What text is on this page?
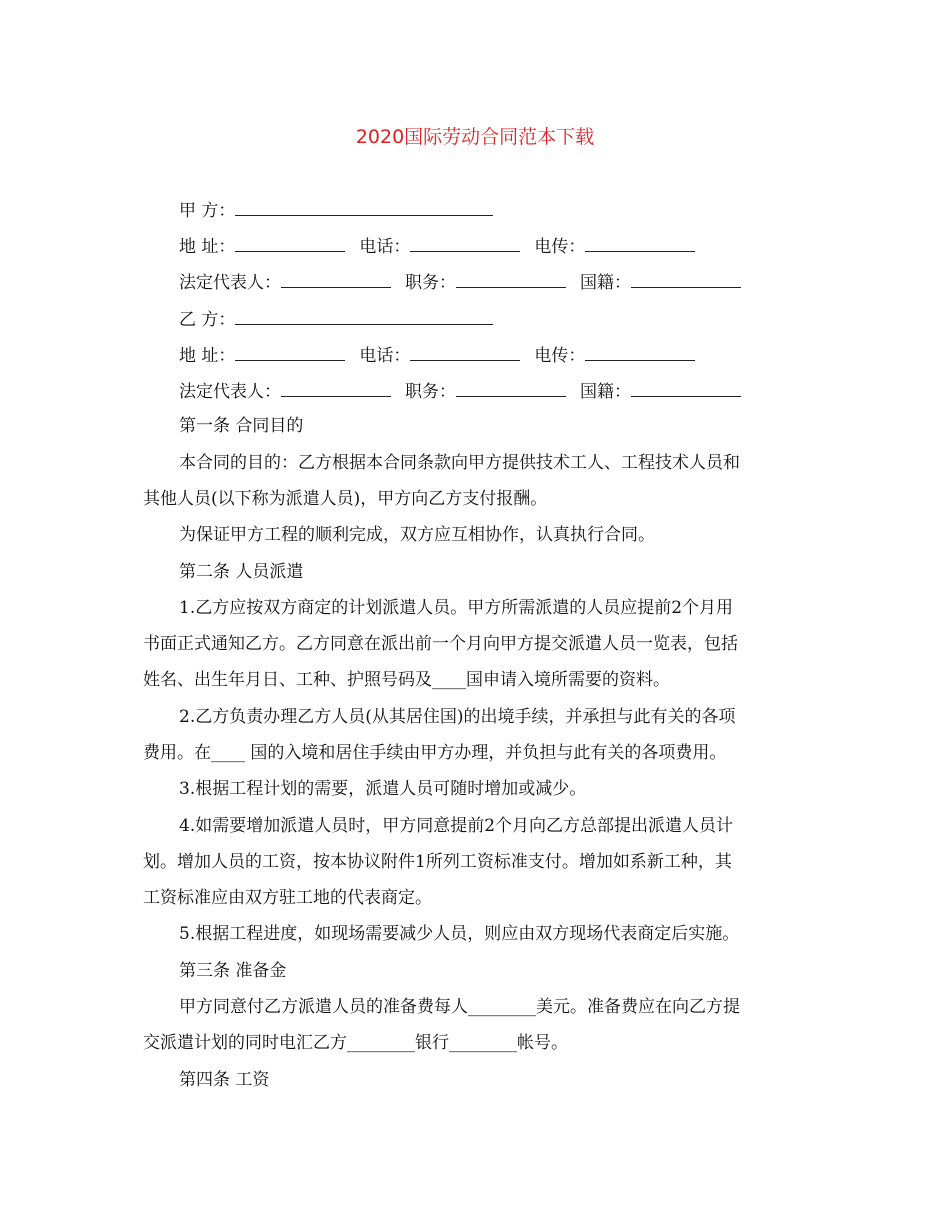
2020国际劳动合同范本下载
甲 方：
地 址：	电话：	电传：
法定代表人：	职务：	国籍：
乙 方：
地 址：	电话：	电传：
法定代表人：	职务：	国籍：
第一条 合同目的
本合同的目的：乙方根据本合同条款向甲方提供技术工人、工程技术人员和
其他人员(以下称为派遣人员)，甲方向乙方支付报酬。
为保证甲方工程的顺利完成，双方应互相协作，认真执行合同。
第二条 人员派遣
1.乙方应按双方商定的计划派遣人员。甲方所需派遣的人员应提前2个月用
书面正式通知乙方。乙方同意在派出前一个月向甲方提交派遣人员一览表，包括
姓名、出生年月日、工种、护照号码及____国申请入境所需要的资料。
2.乙方负责办理乙方人员(从其居住国)的出境手续，并承担与此有关的各项
费用。在____ 国的入境和居住手续由甲方办理，并负担与此有关的各项费用。
3.根据工程计划的需要，派遣人员可随时增加或减少。
4.如需要增加派遣人员时，甲方同意提前2个月向乙方总部提出派遣人员计
划。增加人员的工资，按本协议附件1所列工资标准支付。增加如系新工种，其
工资标准应由双方驻工地的代表商定。
5.根据工程进度，如现场需要减少人员，则应由双方现场代表商定后实施。
第三条 准备金
甲方同意付乙方派遣人员的准备费每人________美元。准备费应在向乙方提
交派遣计划的同时电汇乙方________银行________帐号。
第四条 工资
